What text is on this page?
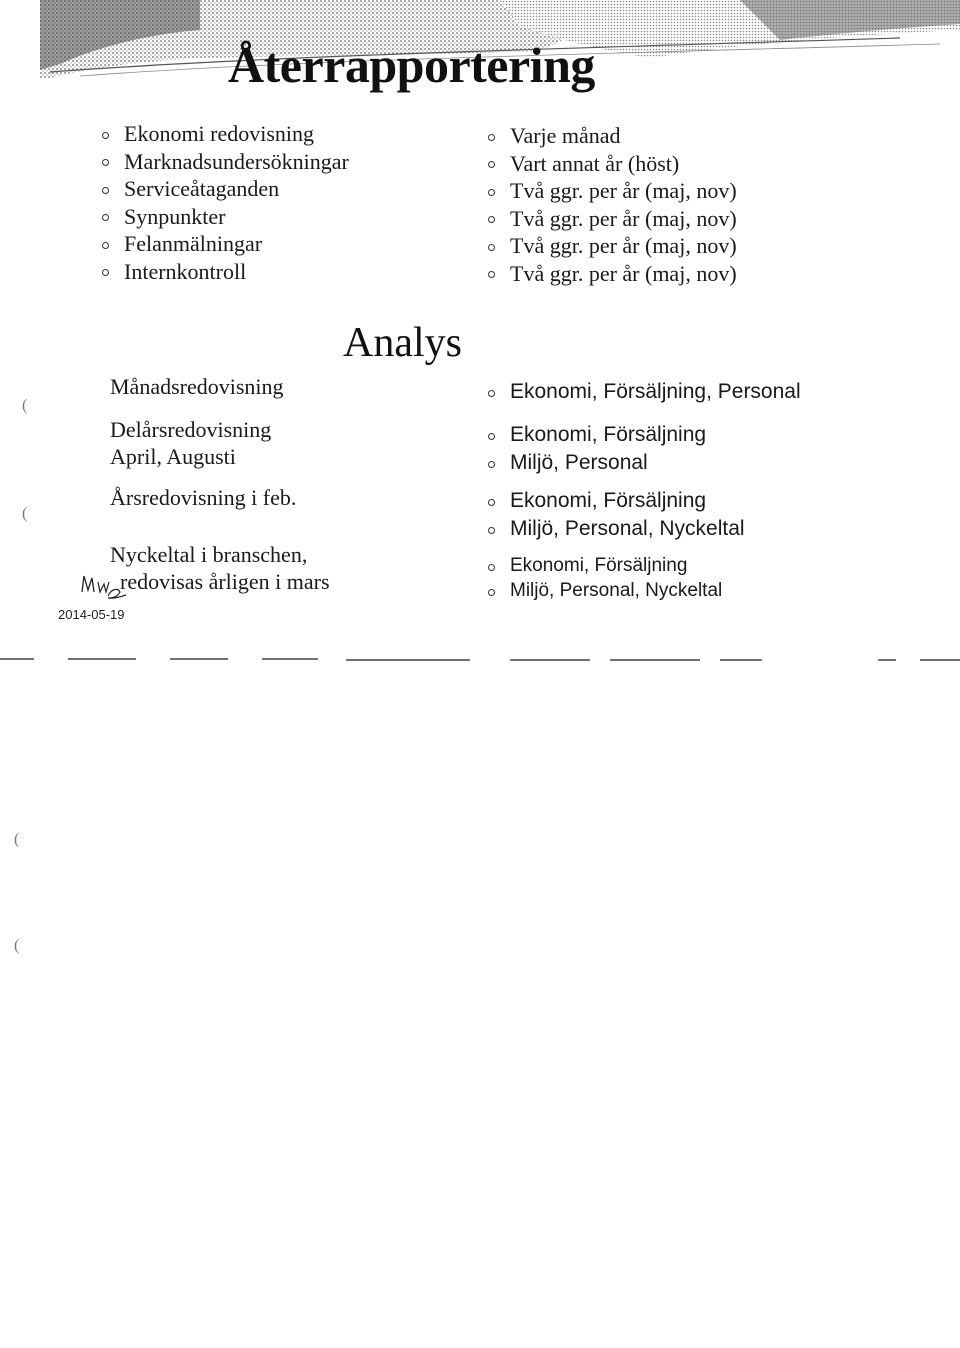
Återrapportering
Ekonomi redovisning
Marknadsundersökningar
Serviceåtaganden
Synpunkter
Felanmälningar
Internkontroll
Varje månad
Vart annat år (höst)
Två ggr. per år (maj, nov)
Två ggr. per år (maj, nov)
Två ggr. per år (maj, nov)
Två ggr. per år (maj, nov)
Analys
Månadsredovisning
Delårsredovisning
April, Augusti
Årsredovisning i feb.
Nyckeltal i branschen,
redovisas årligen i mars
Ekonomi, Försäljning, Personal
Ekonomi, Försäljning
Miljö, Personal
Ekonomi, Försäljning
Miljö, Personal, Nyckeltal
Ekonomi, Försäljning
Miljö, Personal, Nyckeltal
2014-05-19
(
(
(
(
